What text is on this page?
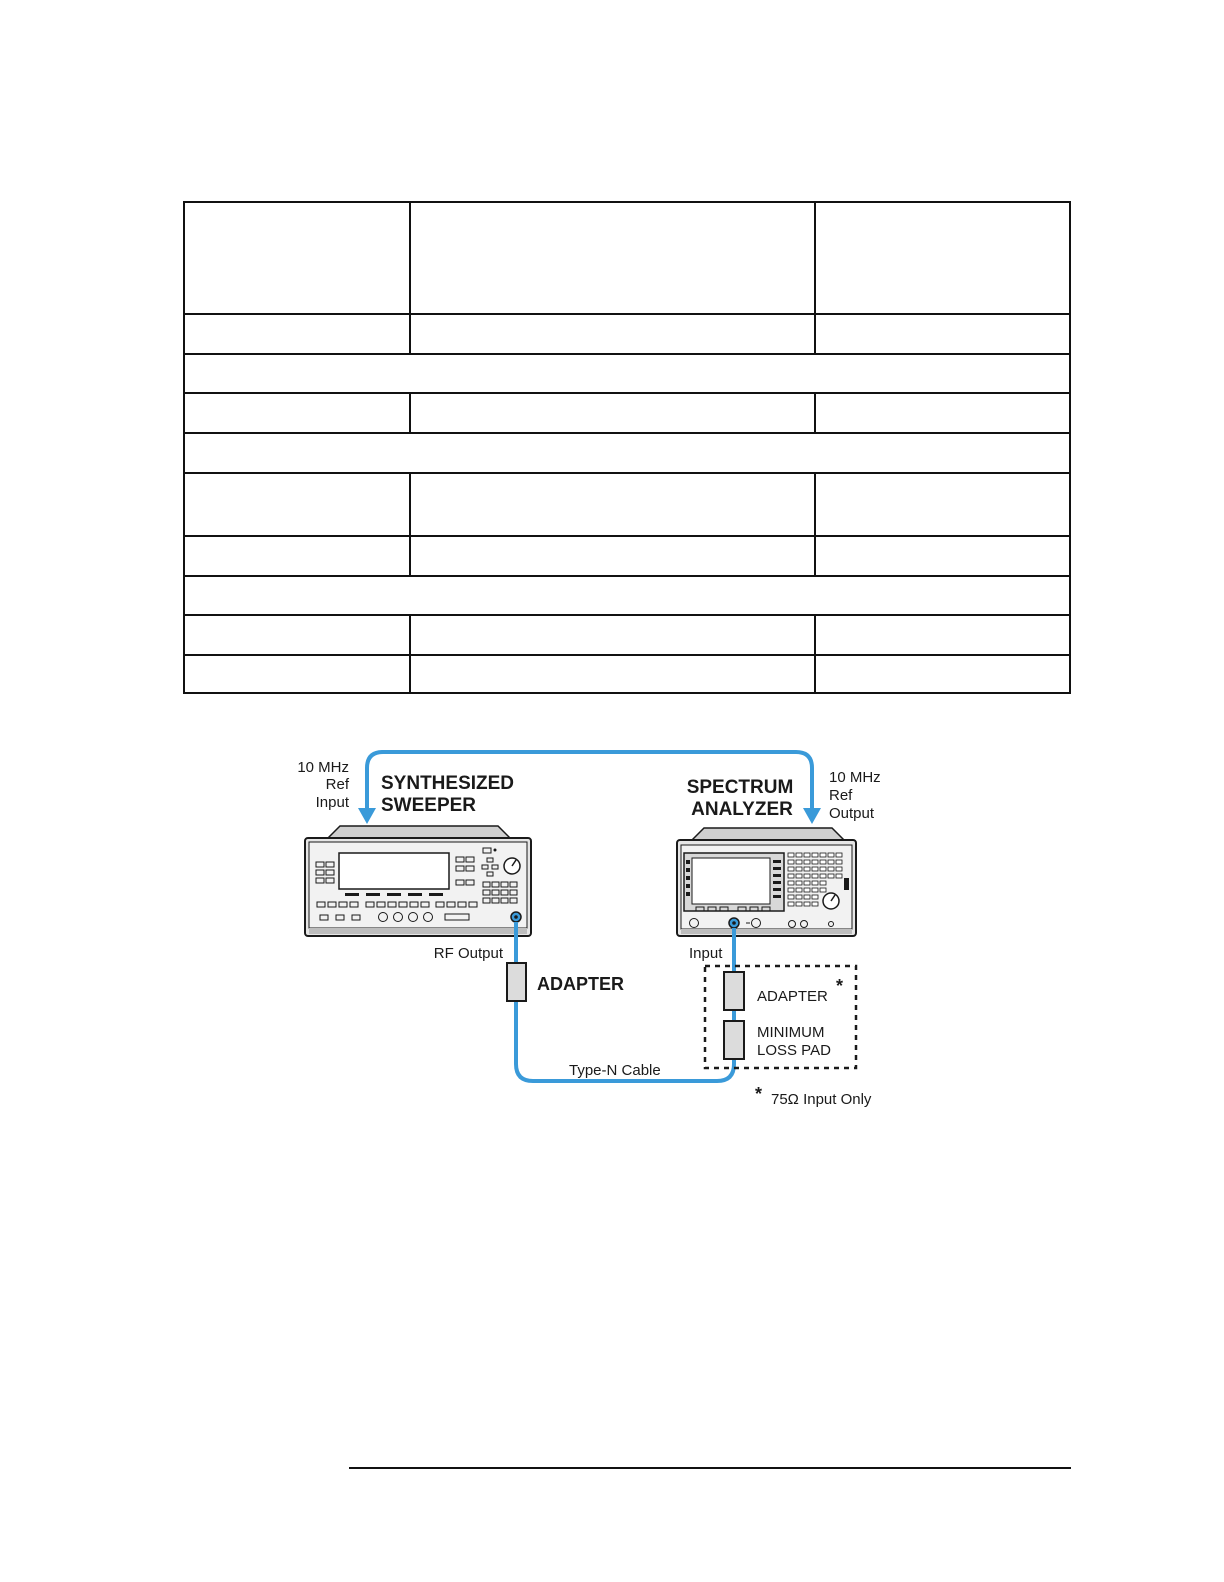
10 MHz
Ref
Input
SYNTHESIZED
SWEEPER
SPECTRUM
ANALYZER
10 MHz
Ref
Output
RF Output	Input
ADAPTER
Type-N Cable
ADAPTER
*
MINIMUM
LOSS PAD
* 75Ω Input Only
